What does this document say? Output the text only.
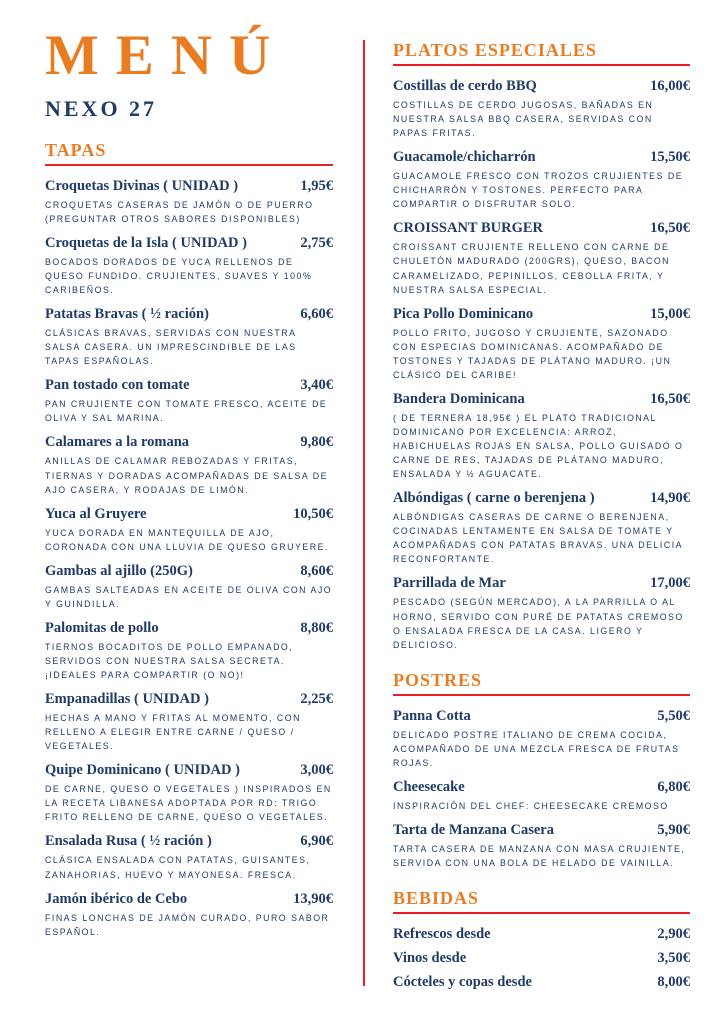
MENÚ
NEXO 27
TAPAS
Croquetas Divinas ( UNIDAD )	1,95€

CROQUETAS CASERAS DE JAMÓN O DE PUERRO (PREGUNTAR OTROS SABORES DISPONIBLES)

Croquetas de la Isla ( UNIDAD )	2,75€

BOCADOS DORADOS DE YUCA RELLENOS DE QUESO FUNDIDO. CRUJIENTES, SUAVES Y 100% CARIBEÑOS.

Patatas Bravas ( ½ ración)	6,60€

CLÁSICAS BRAVAS, SERVIDAS CON NUESTRA SALSA CASERA. UN IMPRESCINDIBLE DE LAS TAPAS ESPAÑOLAS.

Pan tostado con tomate	3,40€

PAN CRUJIENTE CON TOMATE FRESCO, ACEITE DE OLIVA Y SAL MARINA.

Calamares a la romana	9,80€

ANILLAS DE CALAMAR REBOZADAS Y FRITAS, TIERNAS Y DORADAS ACOMPAÑADAS DE SALSA DE AJO CASERA, Y RODAJAS DE LIMÓN.

Yuca al Gruyere	10,50€

YUCA DORADA EN MANTEQUILLA DE AJO, CORONADA CON UNA LLUVIA DE QUESO GRUYERE.

Gambas al ajillo (250G)	8,60€

GAMBAS SALTEADAS EN ACEITE DE OLIVA CON AJO Y GUINDILLA.

Palomitas de pollo	8,80€

TIERNOS BOCADITOS DE POLLO EMPANADO, SERVIDOS CON NUESTRA SALSA SECRETA. ¡IDEALES PARA COMPARTIR (O NO)!

Empanadillas ( UNIDAD )	2,25€

HECHAS A MANO Y FRITAS AL MOMENTO, CON RELLENO A ELEGIR ENTRE CARNE / QUESO / VEGETALES.

Quipe Dominicano ( UNIDAD )	3,00€

DE CARNE, QUESO O VEGETALES ) INSPIRADOS EN LA RECETA LIBANESA ADOPTADA POR RD: TRIGO FRITO RELLENO DE CARNE, QUESO O VEGETALES.

Ensalada Rusa ( ½ ración )	6,90€

CLÁSICA ENSALADA CON PATATAS, GUISANTES, ZANAHORIAS, HUEVO Y MAYONESA. FRESCA.

Jamón ibérico de Cebo	13,90€

FINAS LONCHAS DE JAMÓN CURADO, PURO SABOR ESPAÑOL.

PLATOS ESPECIALES
Costillas de cerdo BBQ	16,00€

COSTILLAS DE CERDO JUGOSAS, BAÑADAS EN NUESTRA SALSA BBQ CASERA, SERVIDAS CON PAPAS FRITAS.

Guacamole/chicharrón	15,50€

GUACAMOLE FRESCO CON TROZOS CRUJIENTES DE CHICHARRÓN Y TOSTONES. PERFECTO PARA COMPARTIR O DISFRUTAR SOLO.

CROISSANT BURGER	16,50€

CROISSANT CRUJIENTE RELLENO CON CARNE DE CHULETÓN MADURADO (200GRS), QUESO, BACON CARAMELIZADO, PEPINILLOS, CEBOLLA FRITA, Y NUESTRA SALSA ESPECIAL.

Pica Pollo Dominicano	15,00€

POLLO FRITO, JUGOSO Y CRUJIENTE, SAZONADO CON ESPECIAS DOMINICANAS. ACOMPAÑADO DE TOSTONES Y TAJADAS DE PLÁTANO MADURO. ¡UN CLÁSICO DEL CARIBE!

Bandera Dominicana	16,50€

( DE TERNERA 18,95€ ) EL PLATO TRADICIONAL DOMINICANO POR EXCELENCIA: ARROZ, HABICHUELAS ROJAS EN SALSA, POLLO GUISADO O CARNE DE RES, TAJADAS DE PLÁTANO MADURO, ENSALADA Y ½ AGUACATE.

Albóndigas ( carne o berenjena )	14,90€

ALBÓNDIGAS CASERAS DE CARNE O BERENJENA, COCINADAS LENTAMENTE EN SALSA DE TOMATE Y ACOMPAÑADAS CON PATATAS BRAVAS. UNA DELICIA RECONFORTANTE.

Parrillada de Mar	17,00€

PESCADO (SEGÚN MERCADO), A LA PARRILLA O AL HORNO, SERVIDO CON PURÉ DE PATATAS CREMOSO O ENSALADA FRESCA DE LA CASA. LIGERO Y DELICIOSO.

POSTRES
Panna Cotta	5,50€

DELICADO POSTRE ITALIANO DE CREMA COCIDA, ACOMPAÑADO DE UNA MEZCLA FRESCA DE FRUTAS ROJAS.

Cheesecake	6,80€

INSPIRACIÓN DEL CHEF: CHEESECAKE CREMOSO

Tarta de Manzana Casera	5,90€

TARTA CASERA DE MANZANA CON MASA CRUJIENTE, SERVIDA CON UNA BOLA DE HELADO DE VAINILLA.

BEBIDAS
Refrescos desde	2,90€
Vinos desde	3,50€
Cócteles y copas desde	8,00€
